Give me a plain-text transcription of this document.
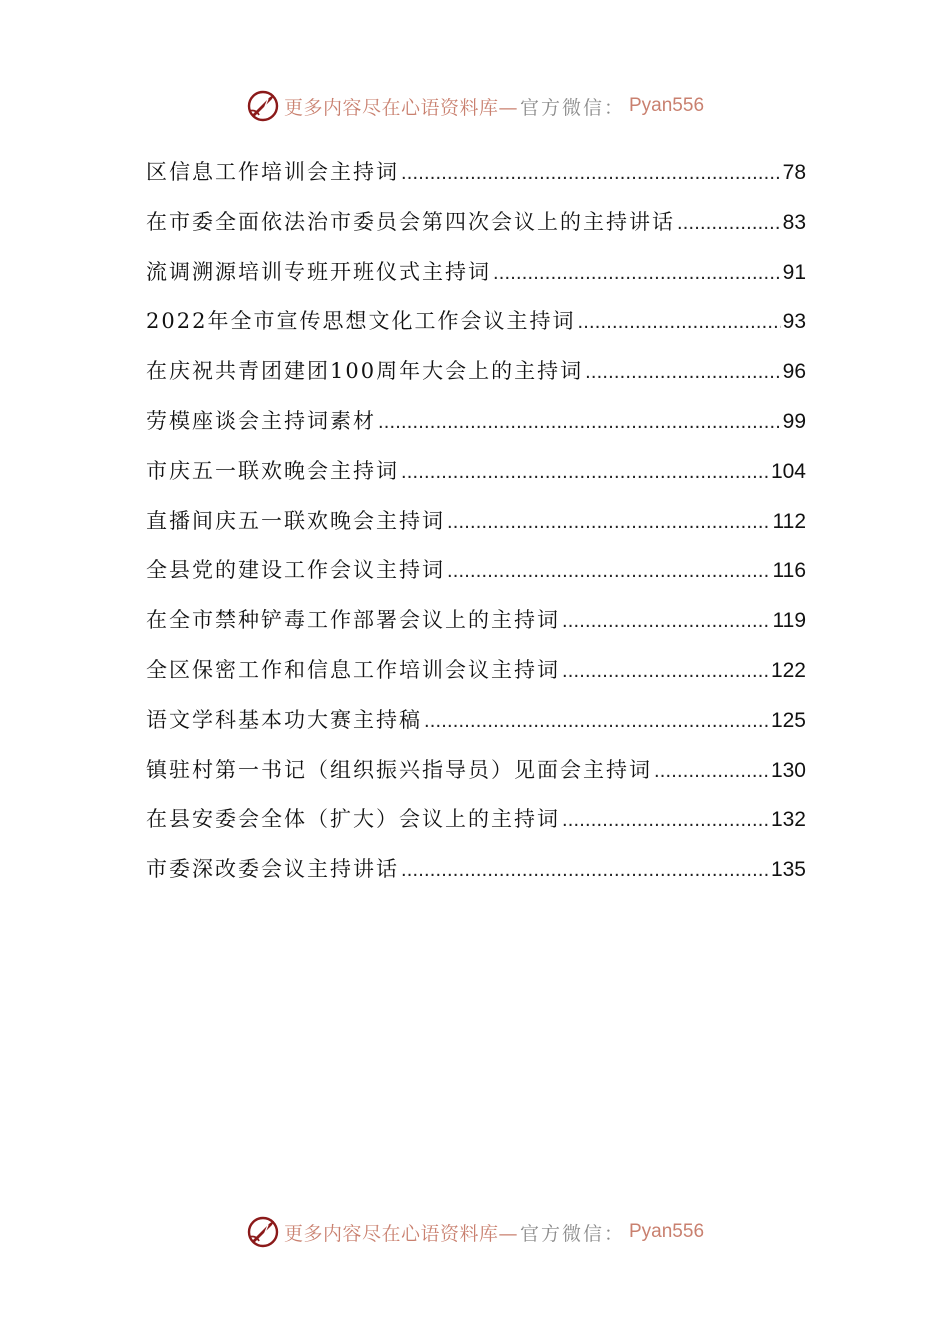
更多内容尽在心语资料库— 官方微信： Pyan556
区信息工作培训会主持词 .....	78
在市委全面依法治市委员会第四次会议上的主持讲话 .....	83
流调溯源培训专班开班仪式主持词 .....	91
2022年全市宣传思想文化工作会议主持词 .....	93
在庆祝共青团建团100周年大会上的主持词 .....	96
劳模座谈会主持词素材 .....	99
市庆五一联欢晚会主持词 .....	104
直播间庆五一联欢晚会主持词 .....	112
全县党的建设工作会议主持词 .....	116
在全市禁种铲毒工作部署会议上的主持词 .....	119
全区保密工作和信息工作培训会议主持词 .....	122
语文学科基本功大赛主持稿 .....	125
镇驻村第一书记（组织振兴指导员）见面会主持词 .....	130
在县安委会全体（扩大）会议上的主持词 .....	132
市委深改委会议主持讲话 .....	135
更多内容尽在心语资料库— 官方微信： Pyan556
